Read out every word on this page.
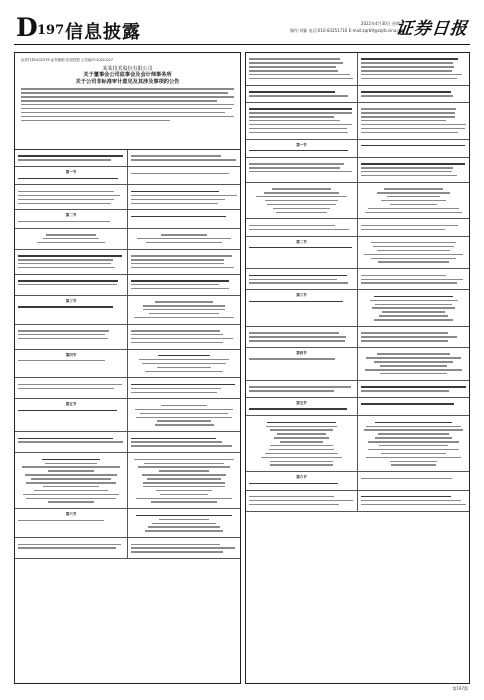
D 197 信息披露	2022年4月30日 星期六
制作:刘颖 电话:010-83251716 E-mail:zqrb9@zqrb.sina.net
证券日报
证券代码:002379 证券简称:宏创控股 公告编号:2022-027
某某技术股份有限公司
关于董事会公司监事会及会计师事务所
关于公司非标准审计意见及其涉及事项的公告
第一节
第二节
第三节
第四节
第五节
第六节
第一节
第二节
第三节
第四节
第五节
第六节
第197版
